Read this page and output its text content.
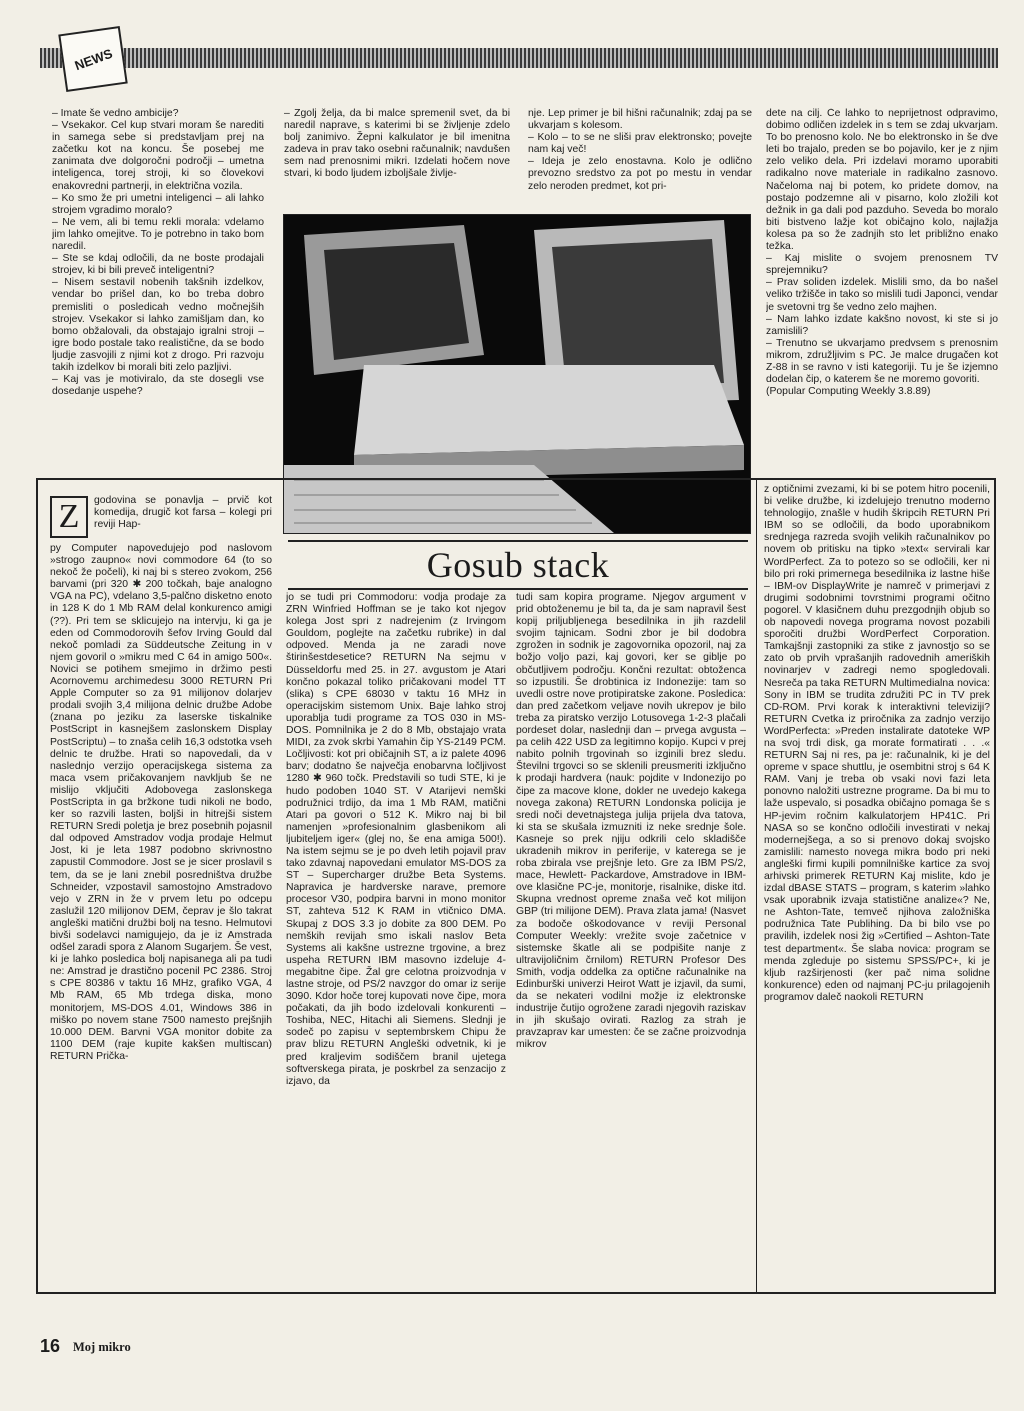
NEWS
– Imate še vedno ambicije?
– Vsekakor. Cel kup stvari moram še narediti in samega sebe si predstavljam prej na začetku kot na koncu. Še posebej me zanimata dve dolgoročni področji – umetna inteligenca, torej stroji, ki so človekovi enakovredni partnerji, in električna vozila.
– Ko smo že pri umetni inteligenci – ali lahko strojem vgradimo moralo?
– Ne vem, ali bi temu rekli morala: vdelamo jim lahko omejitve. To je potrebno in tako bom naredil.
– Ste se kdaj odločili, da ne boste prodajali strojev, ki bi bili preveč inteligentni?
– Nisem sestavil nobenih takšnih izdelkov, vendar bo prišel dan, ko bo treba dobro premisliti o posledicah vedno močnejših strojev. Vsekakor si lahko zamišljam dan, ko bomo obžalovali, da obstajajo igralni stroji – igre bodo postale tako realistične, da se bodo ljudje zasvojili z njimi kot z drogo. Pri razvoju takih izdelkov bi morali biti zelo pazljivi.
– Kaj vas je motiviralo, da ste dosegli vse dosedanje uspehe?
– Zgolj želja, da bi malce spremenil svet, da bi naredil naprave, s katerimi bi se življenje zdelo bolj zanimivo. Žepni kalkulator je bil imenitna zadeva in prav tako osebni računalnik; navdušen sem nad prenosnimi mikri. Izdelati hočem nove stvari, ki bodo ljudem izboljšale življe-
nje. Lep primer je bil hišni računalnik; zdaj pa se ukvarjam s kolesom.
– Kolo – to se ne sliši prav elektronsko; povejte nam kaj več!
– Ideja je zelo enostavna. Kolo je odlično prevozno sredstvo za pot po mestu in vendar zelo neroden predmet, kot pri-
dete na cilj. Če lahko to neprijetnost odpravimo, dobimo odličen izdelek in s tem se zdaj ukvarjam. To bo prenosno kolo. Ne bo elektronsko in še dve leti bo trajalo, preden se bo pojavilo, ker je z njim zelo veliko dela. Pri izdelavi moramo uporabiti radikalno nove materiale in radikalno zasnovo. Načeloma naj bi potem, ko pridete domov, na postajo podzemne ali v pisarno, kolo zložili kot dežnik in ga dali pod pazduho. Seveda bo moralo biti bistveno lažje kot običajno kolo, najlažja kolesa pa so že zadnjih sto let približno enako težka.
– Kaj mislite o svojem prenosnem TV sprejemniku?
– Prav soliden izdelek. Mislili smo, da bo našel veliko tržišče in tako so mislili tudi Japonci, vendar je svetovni trg še vedno zelo majhen.
– Nam lahko izdate kakšno novost, ki ste si jo zamislili?
– Trenutno se ukvarjamo predvsem s prenosnim mikrom, združljivim s PC. Je malce drugačen kot Z-88 in se ravno v isti kategoriji. Tu je še izjemno dodelan čip, o katerem še ne moremo govoriti.
(Popular Computing Weekly 3.8.89)
Z	godovina se ponavlja – prvič kot komedija, drugič kot farsa – kolegi pri reviji Hap-
py Computer napovedujejo pod naslovom »strogo zaupno« novi commodore 64 (to so nekoč že počeli), ki naj bi s stereo zvokom, 256 barvami (pri 320 ✱ 200 točkah, baje analogno VGA na PC), vdelano 3,5-palčno disketno enoto in 128 K do 1 Mb RAM delal konkurenco amigi (??). Pri tem se sklicujejo na intervju, ki ga je eden od Commodorovih šefov Irving Gould dal nekoč pomladi za Süddeutsche Zeitung in v njem govoril o »mikru med C 64 in amigo 500«. Novici se potihem smejimo in držimo pesti Acornovemu archimedesu 3000 RETURN Pri Apple Computer so za 91 milijonov dolarjev prodali svojih 3,4 milijona delnic družbe Adobe (znana po jeziku za laserske tiskalnike PostScript in kasnejšem zaslonskem Display PostScriptu) – to znaša celih 16,3 odstotka vseh delnic te družbe. Hrati so napovedali, da v naslednjo verzijo operacijskega sistema za maca vsem pričakovanjem navkljub še ne mislijo vključiti Adobovega zaslonskega PostScripta in ga bržkone tudi nikoli ne bodo, ker so razvili lasten, boljši in hitrejši sistem RETURN Sredi poletja je brez posebnih pojasnil dal odpoved Amstradov vodja prodaje Helmut Jost, ki je leta 1987 podobno skrivnostno zapustil Commodore. Jost se je sicer proslavil s tem, da se je lani znebil posredništva družbe Schneider, vzpostavil samostojno Amstradovo vejo v ZRN in že v prvem letu po odcepu zaslužil 120 milijonov DEM, čeprav je šlo takrat angleški matični družbi bolj na tesno. Helmutovi bivši sodelavci namigujejo, da je iz Amstrada odšel zaradi spora z Alanom Sugarjem. Še vest, ki je lahko posledica bolj napisanega ali pa tudi ne: Amstrad je drastično pocenil PC 2386. Stroj s CPE 80386 v taktu 16 MHz, grafiko VGA, 4 Mb RAM, 65 Mb trdega diska, mono monitorjem, MS-DOS 4.01, Windows 386 in miško po novem stane 7500 namesto prejšnjih 10.000 DEM. Barvni VGA monitor dobite za 1100 DEM (raje kupite kakšen multiscan) RETURN Prička-
Gosub stack
jo se tudi pri Commodoru: vodja prodaje za ZRN Winfried Hoffman se je tako kot njegov kolega Jost spri z nadrejenim (z Irvingom Gouldom, poglejte na začetku rubrike) in dal odpoved. Menda ja ne zaradi nove štirinšestdesetice? RETURN Na sejmu v Düsseldorfu med 25. in 27. avgustom je Atari končno pokazal toliko pričakovani model TT (slika) s CPE 68030 v taktu 16 MHz in operacijskim sistemom Unix. Baje lahko stroj uporablja tudi programe za TOS 030 in MS-DOS. Pomnilnika je 2 do 8 Mb, obstajajo vrata MIDI, za zvok skrbi Yamahin čip YS-2149 PCM. Ločljivosti: kot pri običajnih ST, a iz palete 4096 barv; dodatno še največja enobarvna ločljivost 1280 ✱ 960 točk. Predstavili so tudi STE, ki je hudo podoben 1040 ST. V Atarijevi nemški podružnici trdijo, da ima 1 Mb RAM, matični Atari pa govori o 512 K. Mikro naj bi bil namenjen »profesionalnim glasbenikom ali ljubiteljem iger« (glej no, še ena amiga 500!). Na istem sejmu se je po dveh letih pojavil prav tako zdavnaj napovedani emulator MS-DOS za ST – Supercharger družbe Beta Systems. Napravica je hardverske narave, premore procesor V30, podpira barvni in mono monitor ST, zahteva 512 K RAM in vtičnico DMA. Skupaj z DOS 3.3 jo dobite za 800 DEM. Po nemških revijah smo iskali naslov Beta Systems ali kakšne ustrezne trgovine, a brez uspeha RETURN IBM masovno izdeluje 4-megabitne čipe. Žal gre celotna proizvodnja v lastne stroje, od PS/2 navzgor do omar iz serije 3090. Kdor hoče torej kupovati nove čipe, mora počakati, da jih bodo izdelovali konkurenti – Toshiba, NEC, Hitachi ali Siemens. Slednji je sodeč po zapisu v septembrskem Chipu že prav blizu RETURN Angleški odvetnik, ki je pred kraljevim sodiščem branil ujetega softverskega pirata, je poskrbel za senzacijo z izjavo, da
tudi sam kopira programe. Njegov argument v prid obtoženemu je bil ta, da je sam napravil šest kopij priljubljenega besedilnika in jih razdelil svojim tajnicam. Sodni zbor je bil dodobra zgrožen in sodnik je zagovornika opozoril, naj za božjo voljo pazi, kaj govori, ker se giblje po občutljivem področju. Končni rezultat: obtoženca so izpustili. Še drobtinica iz Indonezije: tam so uvedli ostre nove protipiratske zakone. Posledica: dan pred začetkom veljave novih ukrepov je bilo treba za piratsko verzijo Lotusovega 1-2-3 plačali pordeset dolar, naslednji dan – prvega avgusta – pa celih 422 USD za legitimno kopijo. Kupci v prej nabito polnih trgovinah so izginili brez sledu. Številni trgovci so se sklenili preusmeriti izključno k prodaji hardvera (nauk: pojdite v Indonezijo po čipe za macove klone, dokler ne uvedejo kakega novega zakona) RETURN Londonska policija je sredi noči devetnajstega julija prijela dva tatova, ki sta se skušala izmuzniti iz neke srednje šole. Kasneje so prek njiju odkrili celo skladišče ukradenih mikrov in periferije, v katerega se je roba zbirala vse prejšnje leto. Gre za IBM PS/2, mace, Hewlett- Packardove, Amstradove in IBM-ove klasične PC-je, monitorje, risalnike, diske itd. Skupna vrednost opreme znaša več kot milijon GBP (tri milijone DEM). Prava zlata jama! (Nasvet za bodoče oškodovance v reviji Personal Computer Weekly: vrežite svoje začetnice v sistemske škatle ali se podpišite nanje z ultravijoličnim črnilom) RETURN Profesor Des Smith, vodja oddelka za optične računalnike na Edinburški univerzi Heirot Watt je izjavil, da sumi, da se nekateri vodilni možje iz elektronske industrije čutijo ogrožene zaradi njegovih raziskav in jih skušajo ovirati. Razlog za strah je pravzaprav kar umesten: če se začne proizvodnja mikrov
z optičnimi zvezami, ki bi se potem hitro pocenili, bi velike družbe, ki izdelujejo trenutno moderno tehnologijo, znašle v hudih škripcih RETURN Pri IBM so se odločili, da bodo uporabnikom srednjega razreda svojih velikih računalnikov po novem ob pritisku na tipko »text« servirali kar WordPerfect. Za to potezo so se odločili, ker ni bilo pri roki primernega besedilnika iz lastne hiše – IBM-ov DisplayWrite je namreč v primerjavi z drugimi sodobnimi tovrstnimi programi očitno pogorel. V klasičnem duhu prezgodnjih objub so ob napovedi novega programa novost pozabili sporočiti družbi WordPerfect Corporation. Tamkajšnji zastopniki za stike z javnostjo so se zato ob prvih vprašanjih radovednih ameriških novinarjev v zadregi nemo spogledovali. Nesreča pa taka RETURN Multimedialna novica: Sony in IBM se trudita združiti PC in TV prek CD-ROM. Prvi korak k interaktivni televiziji? RETURN Cvetka iz priročnika za zadnjo verzijo WordPerfecta: »Preden instalirate datoteke WP na svoj trdi disk, ga morate formatirati . . .« RETURN Saj ni res, pa je: računalnik, ki je del opreme v space shuttlu, je osembitni stroj s 64 K RAM. Vanj je treba ob vsaki novi fazi leta ponovno naložiti ustrezne programe. Da bi mu to laže uspevalo, si posadka običajno pomaga še s HP-jevim ročnim kalkulatorjem HP41C. Pri NASA so se končno odločili investirati v nekaj modernejšega, a so si prenovo dokaj svojsko zamislili: namesto novega mikra bodo pri neki angleški firmi kupili pomnilniške kartice za svoj arhivski primerek RETURN Kaj mislite, kdo je izdal dBASE STATS – program, s katerim »lahko vsak uporabnik izvaja statistične analize«? Ne, ne Ashton-Tate, temveč njihova založniška podružnica Tate Publihing. Da bi bilo vse po pravilih, izdelek nosi žig »Certified – Ashton-Tate test department«. Še slaba novica: program se menda zgleduje po sistemu SPSS/PC+, ki je kljub razširjenosti (ker pač nima solidne konkurence) eden od najmanj PC-ju prilagojenih programov daleč naokoli RETURN
16 Moj mikro
